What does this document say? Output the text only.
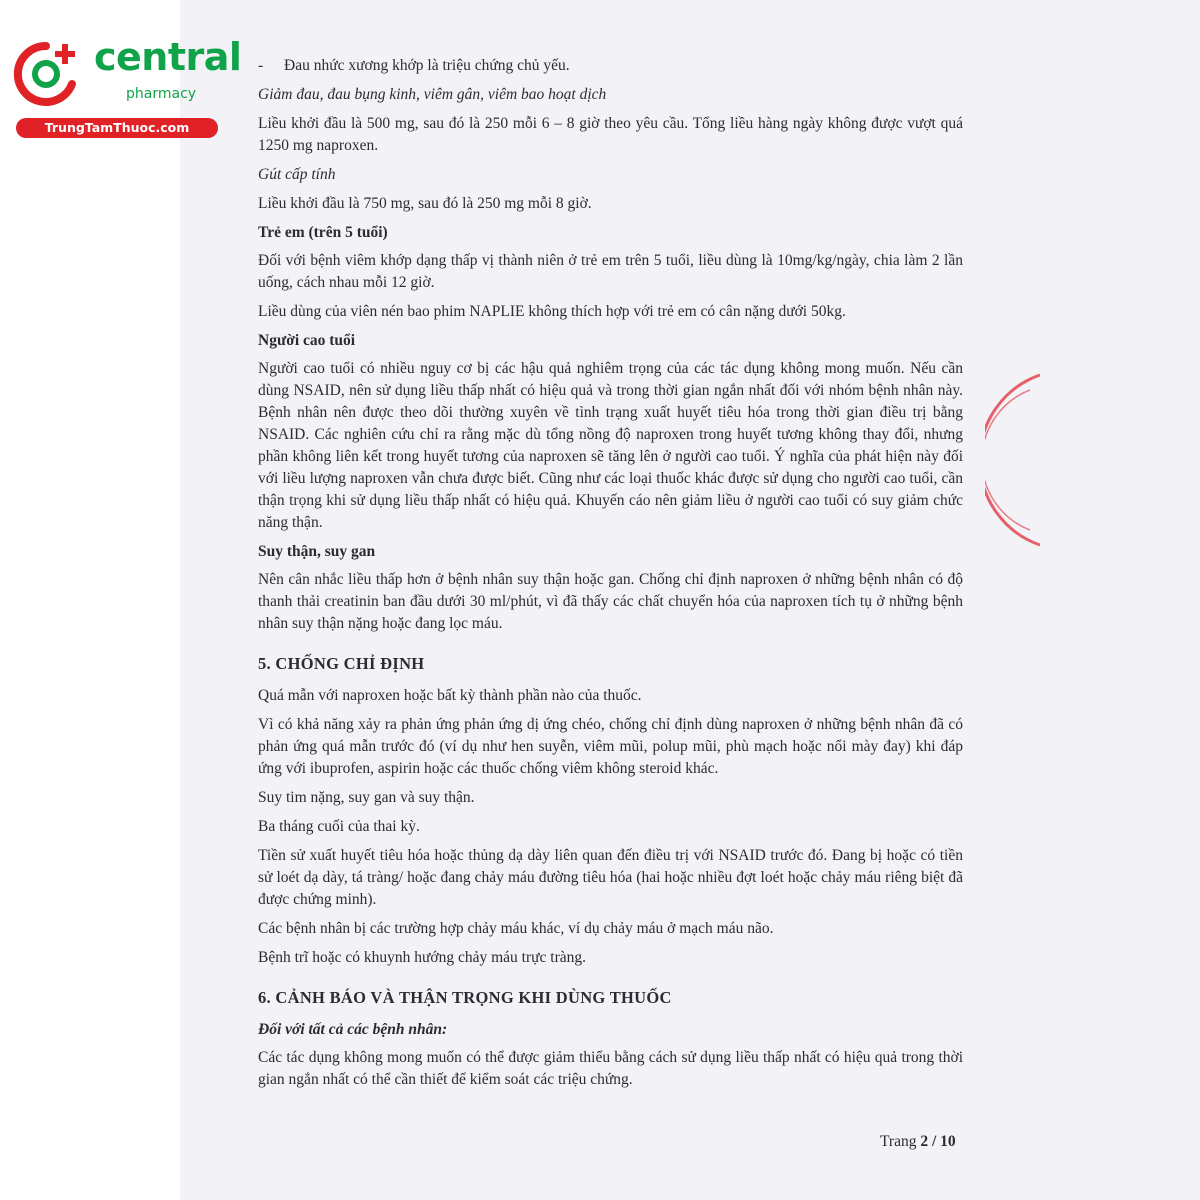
central
pharmacy
TrungTamThuoc.com

- Đau nhức xương khớp là triệu chứng chủ yếu.

Giảm đau, đau bụng kinh, viêm gân, viêm bao hoạt dịch

Liều khởi đầu là 500 mg, sau đó là 250 mỗi 6 – 8 giờ theo yêu cầu. Tổng liều hàng ngày không được vượt quá 1250 mg naproxen.

Gút cấp tính

Liều khởi đầu là 750 mg, sau đó là 250 mg mỗi 8 giờ.

Trẻ em (trên 5 tuổi)

Đối với bệnh viêm khớp dạng thấp vị thành niên ở trẻ em trên 5 tuổi, liều dùng là 10mg/kg/ngày, chia làm 2 lần uống, cách nhau mỗi 12 giờ.

Liều dùng của viên nén bao phim NAPLIE không thích hợp với trẻ em có cân nặng dưới 50kg.

Người cao tuổi

Người cao tuổi có nhiều nguy cơ bị các hậu quả nghiêm trọng của các tác dụng không mong muốn. Nếu cần dùng NSAID, nên sử dụng liều thấp nhất có hiệu quả và trong thời gian ngắn nhất đối với nhóm bệnh nhân này. Bệnh nhân nên được theo dõi thường xuyên về tình trạng xuất huyết tiêu hóa trong thời gian điều trị bằng NSAID. Các nghiên cứu chỉ ra rằng mặc dù tổng nồng độ naproxen trong huyết tương không thay đổi, nhưng phần không liên kết trong huyết tương của naproxen sẽ tăng lên ở người cao tuổi. Ý nghĩa của phát hiện này đối với liều lượng naproxen vẫn chưa được biết. Cũng như các loại thuốc khác được sử dụng cho người cao tuổi, cần thận trọng khi sử dụng liều thấp nhất có hiệu quả. Khuyến cáo nên giảm liều ở người cao tuổi có suy giảm chức năng thận.

Suy thận, suy gan

Nên cân nhắc liều thấp hơn ở bệnh nhân suy thận hoặc gan. Chống chỉ định naproxen ở những bệnh nhân có độ thanh thải creatinin ban đầu dưới 30 ml/phút, vì đã thấy các chất chuyển hóa của naproxen tích tụ ở những bệnh nhân suy thận nặng hoặc đang lọc máu.

5. CHỐNG CHỈ ĐỊNH

Quá mẫn với naproxen hoặc bất kỳ thành phần nào của thuốc.

Vì có khả năng xảy ra phản ứng phản ứng dị ứng chéo, chống chỉ định dùng naproxen ở những bệnh nhân đã có phản ứng quá mẫn trước đó (ví dụ như hen suyễn, viêm mũi, polup mũi, phù mạch hoặc nổi mày đay) khi đáp ứng với ibuprofen, aspirin hoặc các thuốc chống viêm không steroid khác.

Suy tim nặng, suy gan và suy thận.

Ba tháng cuối của thai kỳ.

Tiền sử xuất huyết tiêu hóa hoặc thủng dạ dày liên quan đến điều trị với NSAID trước đó. Đang bị hoặc có tiền sử loét dạ dày, tá tràng/ hoặc đang chảy máu đường tiêu hóa (hai hoặc nhiều đợt loét hoặc chảy máu riêng biệt đã được chứng minh).

Các bệnh nhân bị các trường hợp chảy máu khác, ví dụ chảy máu ở mạch máu não.

Bệnh trĩ hoặc có khuynh hướng chảy máu trực tràng.

6. CẢNH BÁO VÀ THẬN TRỌNG KHI DÙNG THUỐC

Đối với tất cả các bệnh nhân:

Các tác dụng không mong muốn có thể được giảm thiểu bằng cách sử dụng liều thấp nhất có hiệu quả trong thời gian ngắn nhất có thể cần thiết để kiểm soát các triệu chứng.

Trang 2 / 10
